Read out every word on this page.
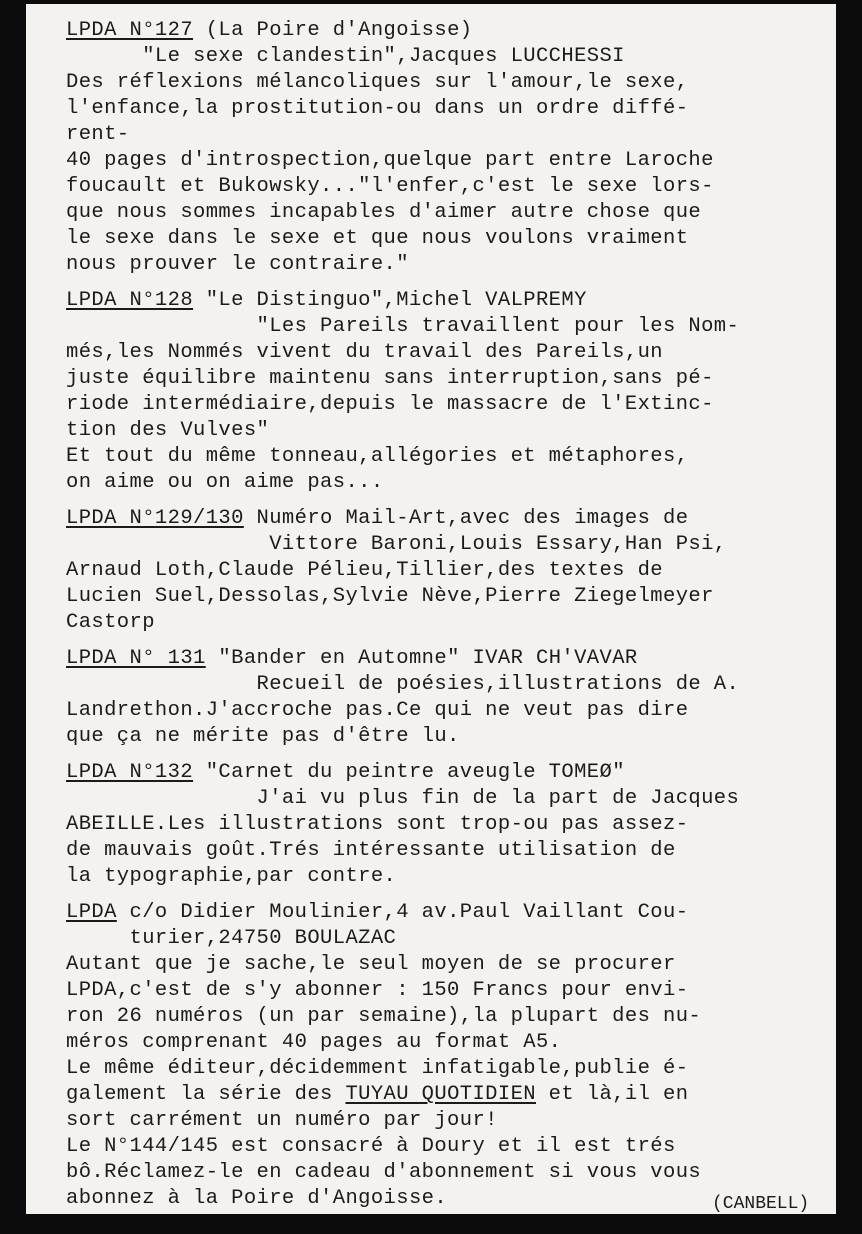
LPDA N°127 (La Poire d'Angoisse)
"Le sexe clandestin",Jacques LUCCHESSI
Des réflexions mélancoliques sur l'amour,le sexe,
l'enfance,la prostitution-ou dans un ordre diffé-
rent-
40 pages d'introspection,quelque part entre Laroche
foucault et Bukowsky..."l'enfer,c'est le sexe lors-
que nous sommes incapables d'aimer autre chose que
le sexe dans le sexe et que nous voulons vraiment
nous prouver le contraire."
LPDA N°128 "Le Distinguo",Michel VALPREMY
"Les Pareils travaillent pour les Nom-
més,les Nommés vivent du travail des Pareils,un
juste équilibre maintenu sans interruption,sans pé-
riode intermédiaire,depuis le massacre de l'Extinc-
tion des Vulves"
Et tout du même tonneau,allégories et métaphores,
on aime ou on aime pas...
LPDA N°129/130 Numéro Mail-Art,avec des images de
Vittore Baroni,Louis Essary,Han Psi,
Arnaud Loth,Claude Pélieu,Tillier,des textes de
Lucien Suel,Dessolas,Sylvie Nève,Pierre Ziegelmeyer
Castorp
LPDA N° 131 "Bander en Automne" IVAR CH'VAVAR
Recueil de poésies,illustrations de A.
Landrethon.J'accroche pas.Ce qui ne veut pas dire
que ça ne mérite pas d'être lu.
LPDA N°132 "Carnet du peintre aveugle TOMEØ"
J'ai vu plus fin de la part de Jacques
ABEILLE.Les illustrations sont trop-ou pas assez-
de mauvais goût.Trés intéressante utilisation de
la typographie,par contre.
LPDA c/o Didier Moulinier,4 av.Paul Vaillant Cou-
turier,24750 BOULAZAC
Autant que je sache,le seul moyen de se procurer
LPDA,c'est de s'y abonner : 150 Francs pour envi-
ron 26 numéros (un par semaine),la plupart des nu-
méros comprenant 40 pages au format A5.
Le même éditeur,décidemment infatigable,publie é-
galement la série des TUYAU QUOTIDIEN et là,il en
sort carrément un numéro par jour!
Le N°144/145 est consacré à Doury et il est trés
bô.Réclamez-le en cadeau d'abonnement si vous vous
abonnez à la Poire d'Angoisse.	(CANBELL)
